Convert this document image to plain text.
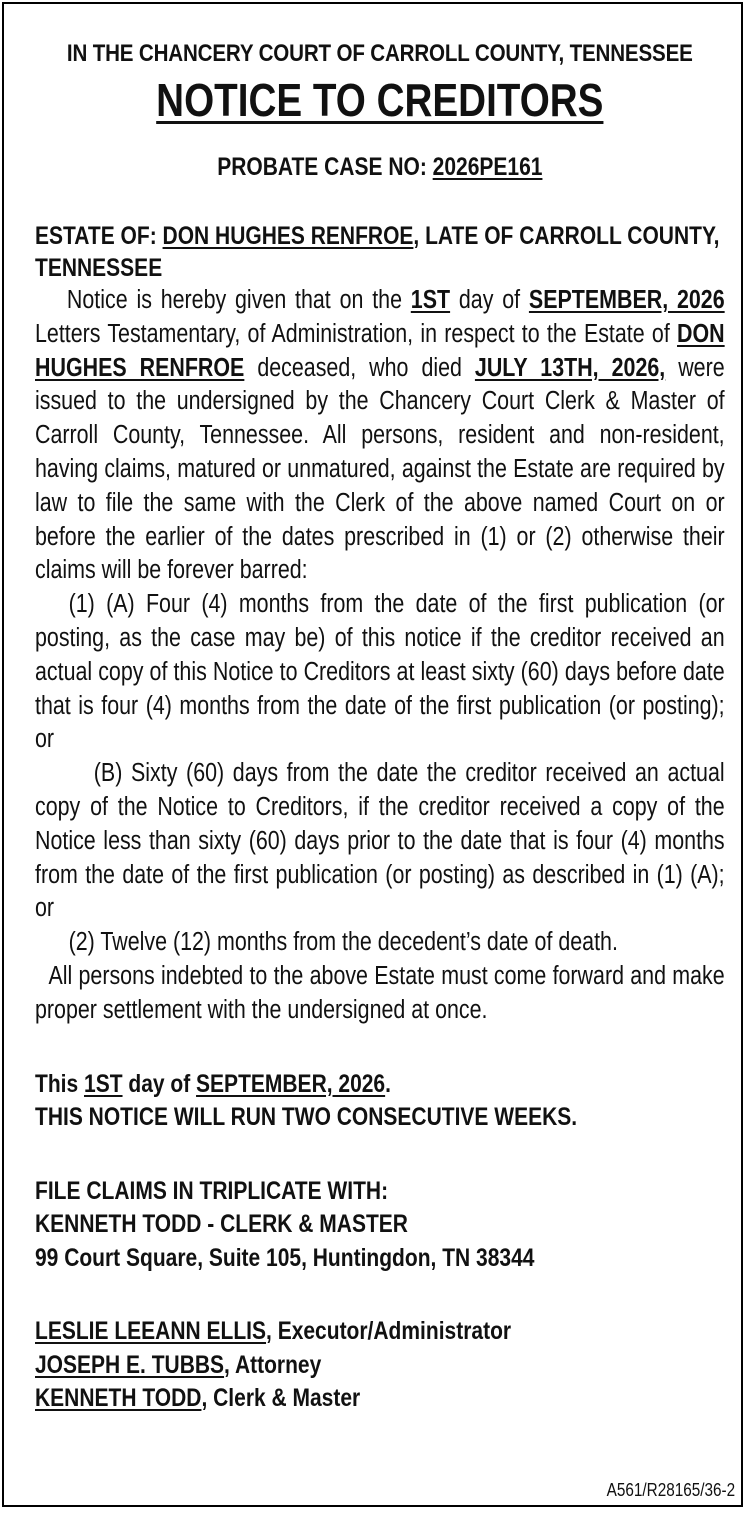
IN THE CHANCERY COURT OF CARROLL COUNTY, TENNESSEE
NOTICE TO CREDITORS
PROBATE CASE NO: 2026PE161
ESTATE OF: DON HUGHES RENFROE, LATE OF CARROLL COUNTY, TENNESSEE

Notice is hereby given that on the 1ST day of SEPTEMBER, 2026 Letters Testamentary, of Administration, in respect to the Estate of DON HUGHES RENFROE deceased, who died JULY 13TH, 2026, were issued to the undersigned by the Chancery Court Clerk & Master of Carroll County, Tennessee. All persons, resident and non-resident, having claims, matured or unmatured, against the Estate are required by law to file the same with the Clerk of the above named Court on or before the earlier of the dates prescribed in (1) or (2) otherwise their claims will be forever barred:

(1) (A) Four (4) months from the date of the first publication (or posting, as the case may be) of this notice if the creditor received an actual copy of this Notice to Creditors at least sixty (60) days before date that is four (4) months from the date of the first publication (or posting); or

(B) Sixty (60) days from the date the creditor received an actual copy of the Notice to Creditors, if the creditor received a copy of the Notice less than sixty (60) days prior to the date that is four (4) months from the date of the first publication (or posting) as described in (1) (A); or

(2) Twelve (12) months from the decedent’s date of death.

All persons indebted to the above Estate must come forward and make proper settlement with the undersigned at once.

This 1ST day of SEPTEMBER, 2026.

THIS NOTICE WILL RUN TWO CONSECUTIVE WEEKS.

FILE CLAIMS IN TRIPLICATE WITH:

KENNETH TODD - CLERK & MASTER

99 Court Square, Suite 105, Huntingdon, TN 38344

LESLIE LEEANN ELLIS, Executor/Administrator

JOSEPH E. TUBBS, Attorney

KENNETH TODD, Clerk & Master

A561/R28165/36-2
